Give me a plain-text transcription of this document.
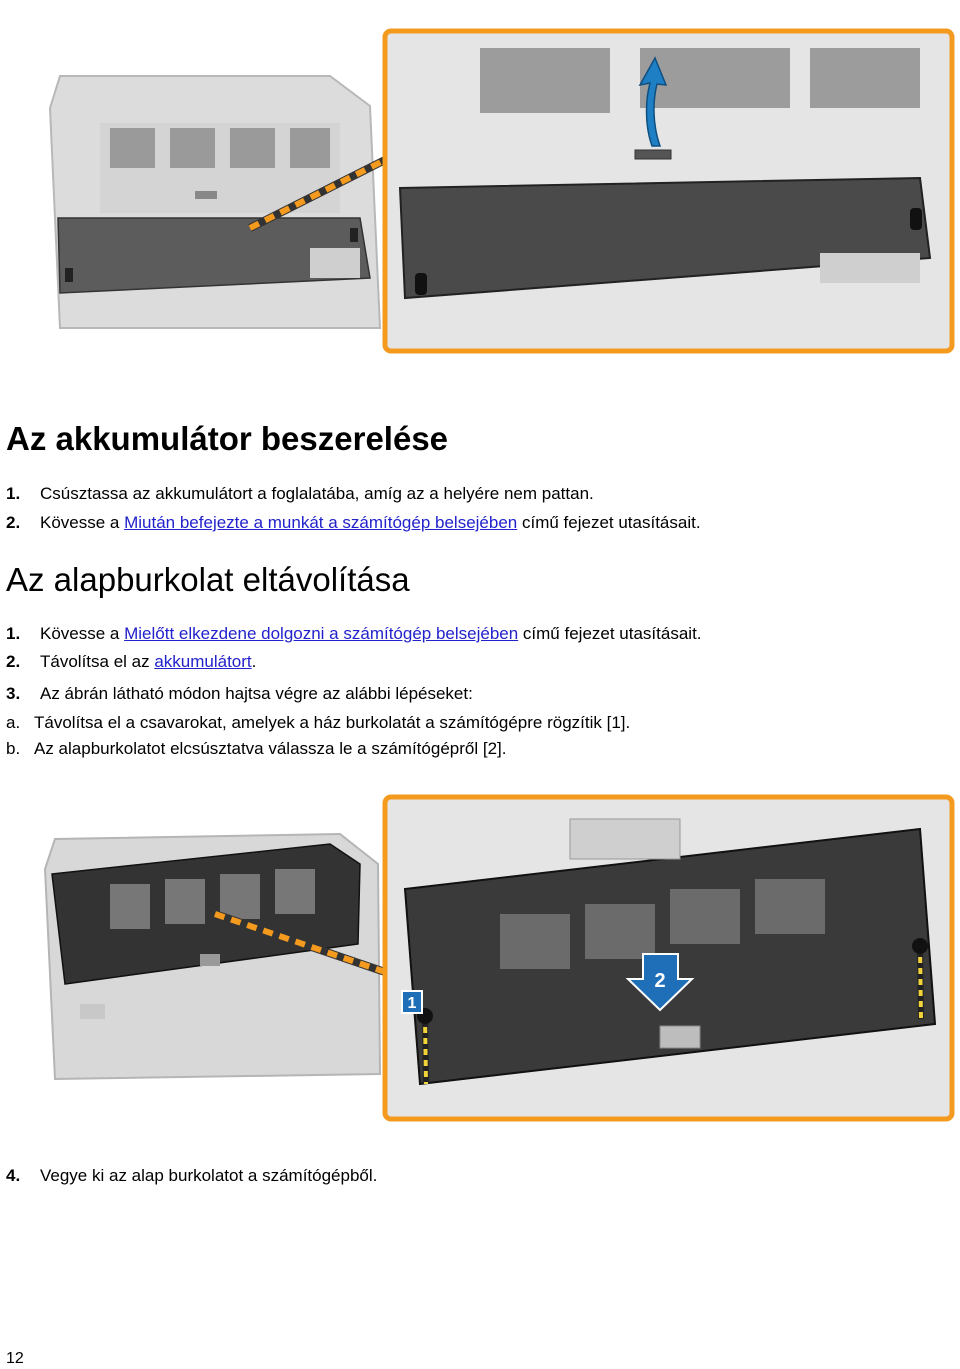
Az akkumulátor beszerelése
1. Csúsztassa az akkumulátort a foglalatába, amíg az a helyére nem pattan.
2. Kövesse a Miután befejezte a munkát a számítógép belsejében című fejezet utasításait.
Az alapburkolat eltávolítása
1. Kövesse a Mielőtt elkezdene dolgozni a számítógép belsejében című fejezet utasításait.
2. Távolítsa el az akkumulátort.
3. Az ábrán látható módon hajtsa végre az alábbi lépéseket:
a. Távolítsa el a csavarokat, amelyek a ház burkolatát a számítógépre rögzítik [1].
b. Az alapburkolatot elcsúsztatva válassza le a számítógépről [2].
1
2
4. Vegye ki az alap burkolatot a számítógépből.
12
